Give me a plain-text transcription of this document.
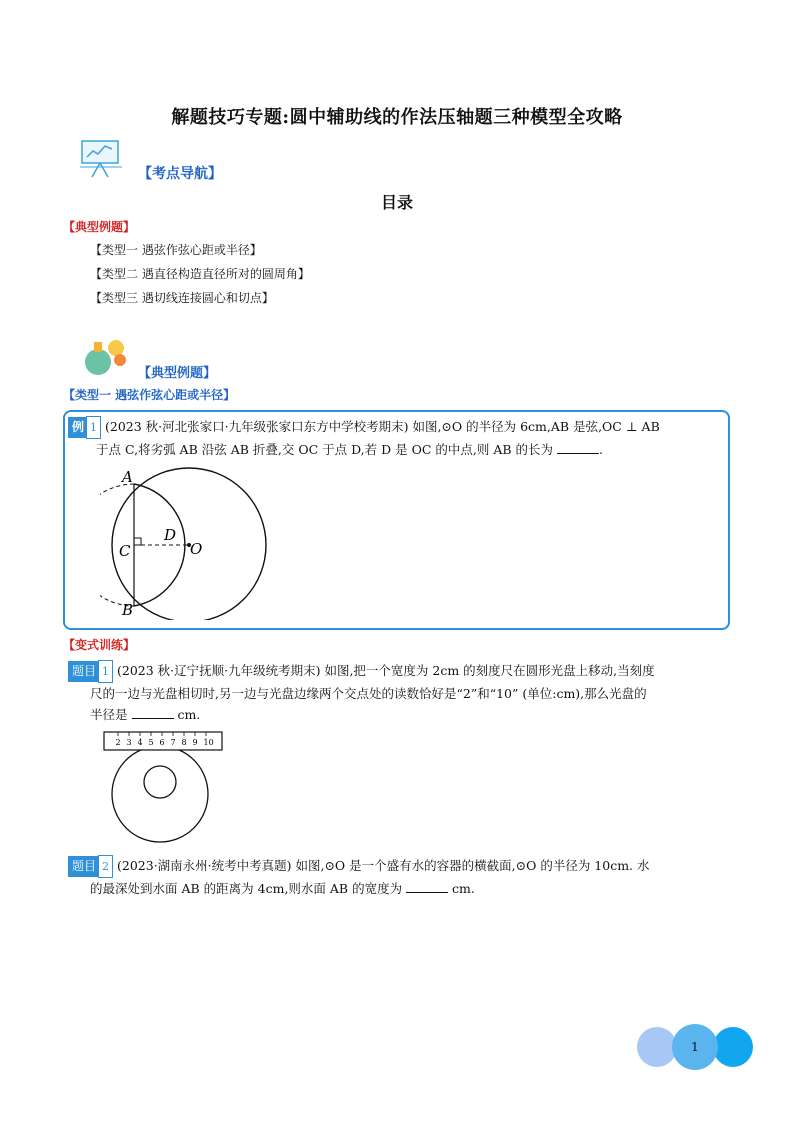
解题技巧专题:圆中辅助线的作法压轴题三种模型全攻略
【考点导航】
目录
【典型例题】
【类型一 遇弦作弦心距或半径】
【类型二 遇直径构造直径所对的圆周角】
【类型三 遇切线连接圆心和切点】
【典型例题】
【类型一 遇弦作弦心距或半径】
例 1 (2023 秋·河北张家口·九年级张家口东方中学校考期末) 如图,⊙O 的半径为 6cm,AB 是弦,OC ⊥ AB
于点 C,将劣弧 AB 沿弦 AB 折叠,交 OC 于点 D,若 D 是 OC 的中点,则 AB 的长为	.
A
B
C
D
O
【变式训练】
题目 1 (2023 秋·辽宁抚顺·九年级统考期末) 如图,把一个宽度为 2cm 的刻度尺在圆形光盘上移动,当刻度
尺的一边与光盘相切时,另一边与光盘边缘两个交点处的读数恰好是“2”和“10” (单位:cm),那么光盘的
半径是	cm.
2 3 4 5 6 7 8 9 10
题目 2 (2023·湖南永州·统考中考真题) 如图,⊙O 是一个盛有水的容器的横截面,⊙O 的半径为 10cm. 水
的最深处到水面 AB 的距离为 4cm,则水面 AB 的宽度为	cm.
1
